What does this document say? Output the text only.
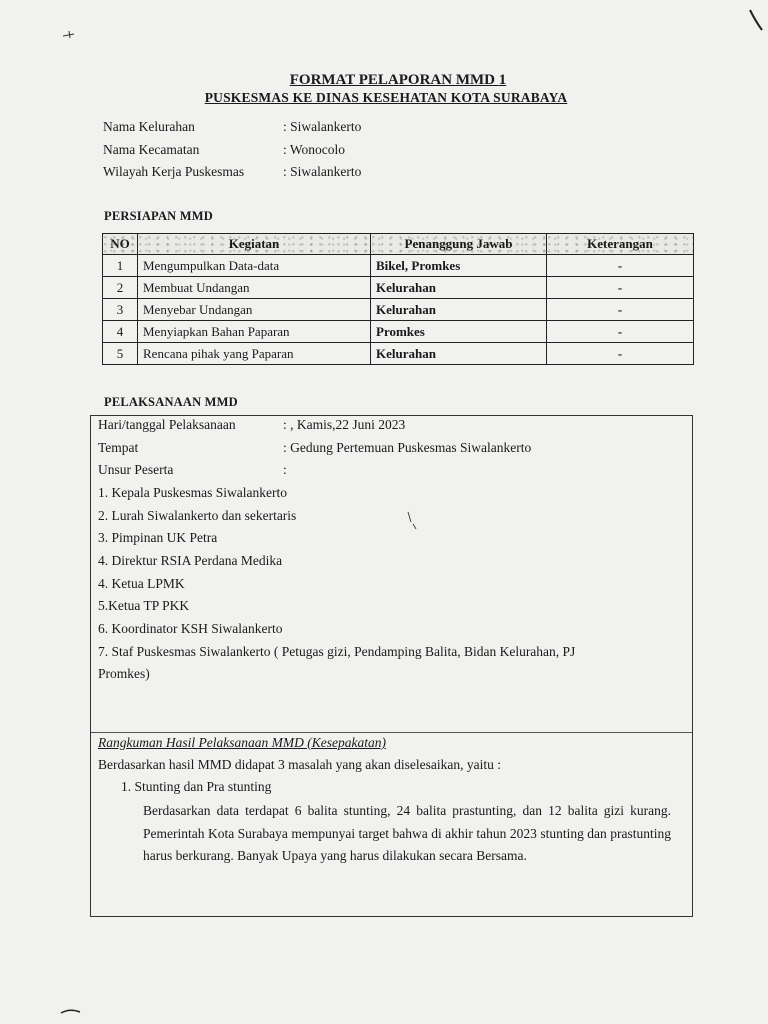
FORMAT PELAPORAN MMD 1
PUSKESMAS KE DINAS KESEHATAN KOTA SURABAYA
Nama Kelurahan	: Siwalankerto
Nama Kecamatan	: Wonocolo
Wilayah Kerja Puskesmas	: Siwalankerto
PERSIAPAN MMD
NO	Kegiatan	Penanggung Jawab	Keterangan
1	Mengumpulkan Data-data	Bikel, Promkes	-
2	Membuat Undangan	Kelurahan	-
3	Menyebar Undangan	Kelurahan	-
4	Menyiapkan Bahan Paparan	Promkes	-
5	Rencana pihak yang Paparan	Kelurahan	-
PELAKSANAAN MMD
Hari/tanggal Pelaksanaan	: , Kamis,22 Juni 2023
Tempat	: Gedung Pertemuan Puskesmas Siwalankerto
Unsur Peserta	:
1. Kepala Puskesmas Siwalankerto
2. Lurah Siwalankerto dan sekertaris
3. Pimpinan UK Petra
4. Direktur RSIA Perdana Medika
4. Ketua LPMK
5.Ketua TP PKK
6. Koordinator KSH Siwalankerto
7. Staf Puskesmas Siwalankerto ( Petugas gizi, Pendamping Balita, Bidan Kelurahan, PJ
Promkes)
Rangkuman Hasil Pelaksanaan MMD (Kesepakatan)
Berdasarkan hasil MMD didapat 3 masalah yang akan diselesaikan, yaitu :
1. Stunting dan Pra stunting
Berdasarkan data terdapat 6 balita stunting, 24 balita prastunting, dan 12 balita gizi kurang. Pemerintah Kota Surabaya mempunyai target bahwa di akhir tahun 2023 stunting dan prastunting harus berkurang. Banyak Upaya yang harus dilakukan secara Bersama.
